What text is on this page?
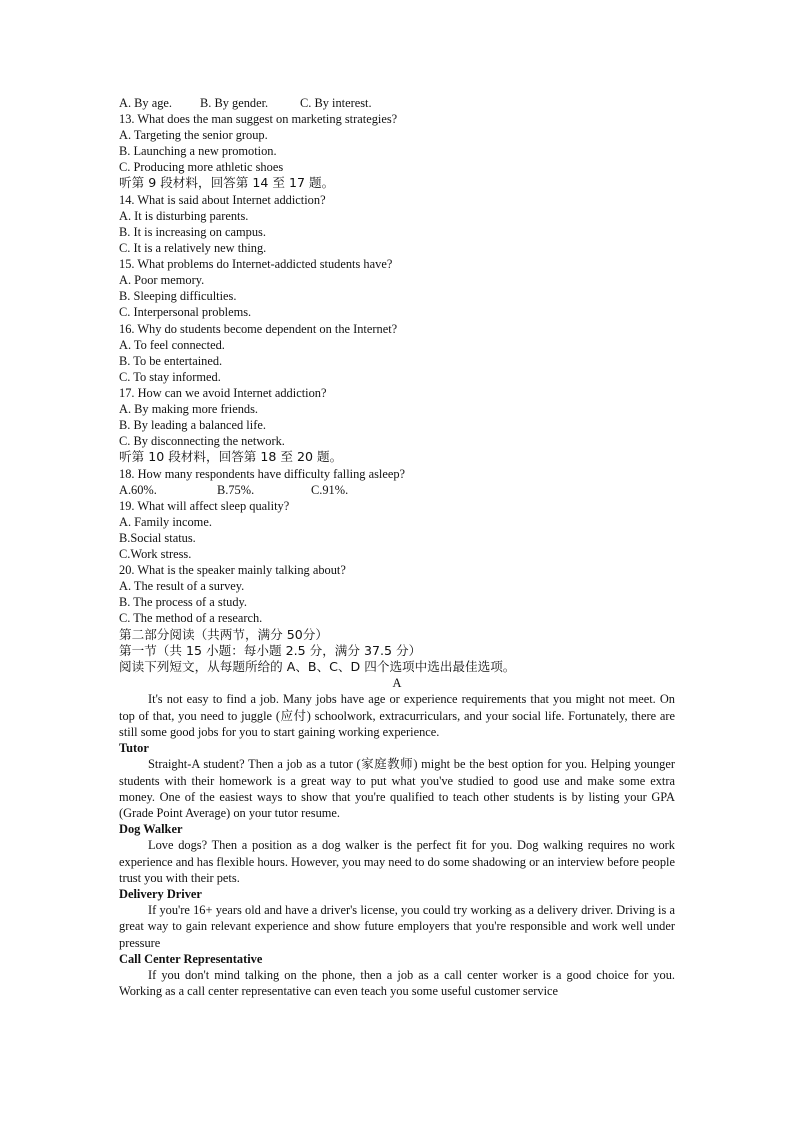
A. By age. B. By gender.	C. By interest.
13. What does the man suggest on marketing strategies?
A. Targeting the senior group.
B. Launching a new promotion.
C. Producing more athletic shoes
听第 9 段材料，回答第 14 至 17 题。
14. What is said about Internet addiction?
A. It is disturbing parents.
B. It is increasing on campus.
C. It is a relatively new thing.
15. What problems do Internet-addicted students have?
A. Poor memory.
B. Sleeping difficulties.
C. Interpersonal problems.
16. Why do students become dependent on the Internet?
A. To feel connected.
B. To be entertained.
C. To stay informed.
17. How can we avoid Internet addiction?
A. By making more friends.
B. By leading a balanced life.
C. By disconnecting the network.
听第 10 段材料，回答第 18 至 20 题。
18. How many respondents have difficulty falling asleep?
A.60%.	B.75%.	C.91%.
19. What will affect sleep quality?
A. Family income.
B.Social status.
C.Work stress.
20. What is the speaker mainly talking about?
A. The result of a survey.
B. The process of a study.
C. The method of a research.
第二部分阅读（共两节，满分 50分）
第一节（共 15 小题：每小题 2.5 分，满分 37.5 分）
阅读下列短文，从每题所给的 A、B、C、D 四个选项中选出最佳选项。
A

It's not easy to find a job. Many jobs have age or experience requirements that you might not meet. On top of that, you need to juggle (应付) schoolwork, extracurriculars, and your social life. Fortunately, there are still some good jobs for you to start gaining working experience.

Tutor

Straight-A student? Then a job as a tutor (家庭教师) might be the best option for you. Helping younger students with their homework is a great way to put what you've studied to good use and make some extra money. One of the easiest ways to show that you're qualified to teach other students is by listing your GPA (Grade Point Average) on your tutor resume.

Dog Walker

Love dogs? Then a position as a dog walker is the perfect fit for you. Dog walking requires no work experience and has flexible hours. However, you may need to do some shadowing or an interview before people trust you with their pets.

Delivery Driver

If you're 16+ years old and have a driver's license, you could try working as a delivery driver. Driving is a great way to gain relevant experience and show future employers that you're responsible and work well under pressure

Call Center Representative

If you don't mind talking on the phone, then a job as a call center worker is a good choice for you. Working as a call center representative can even teach you some useful customer service
